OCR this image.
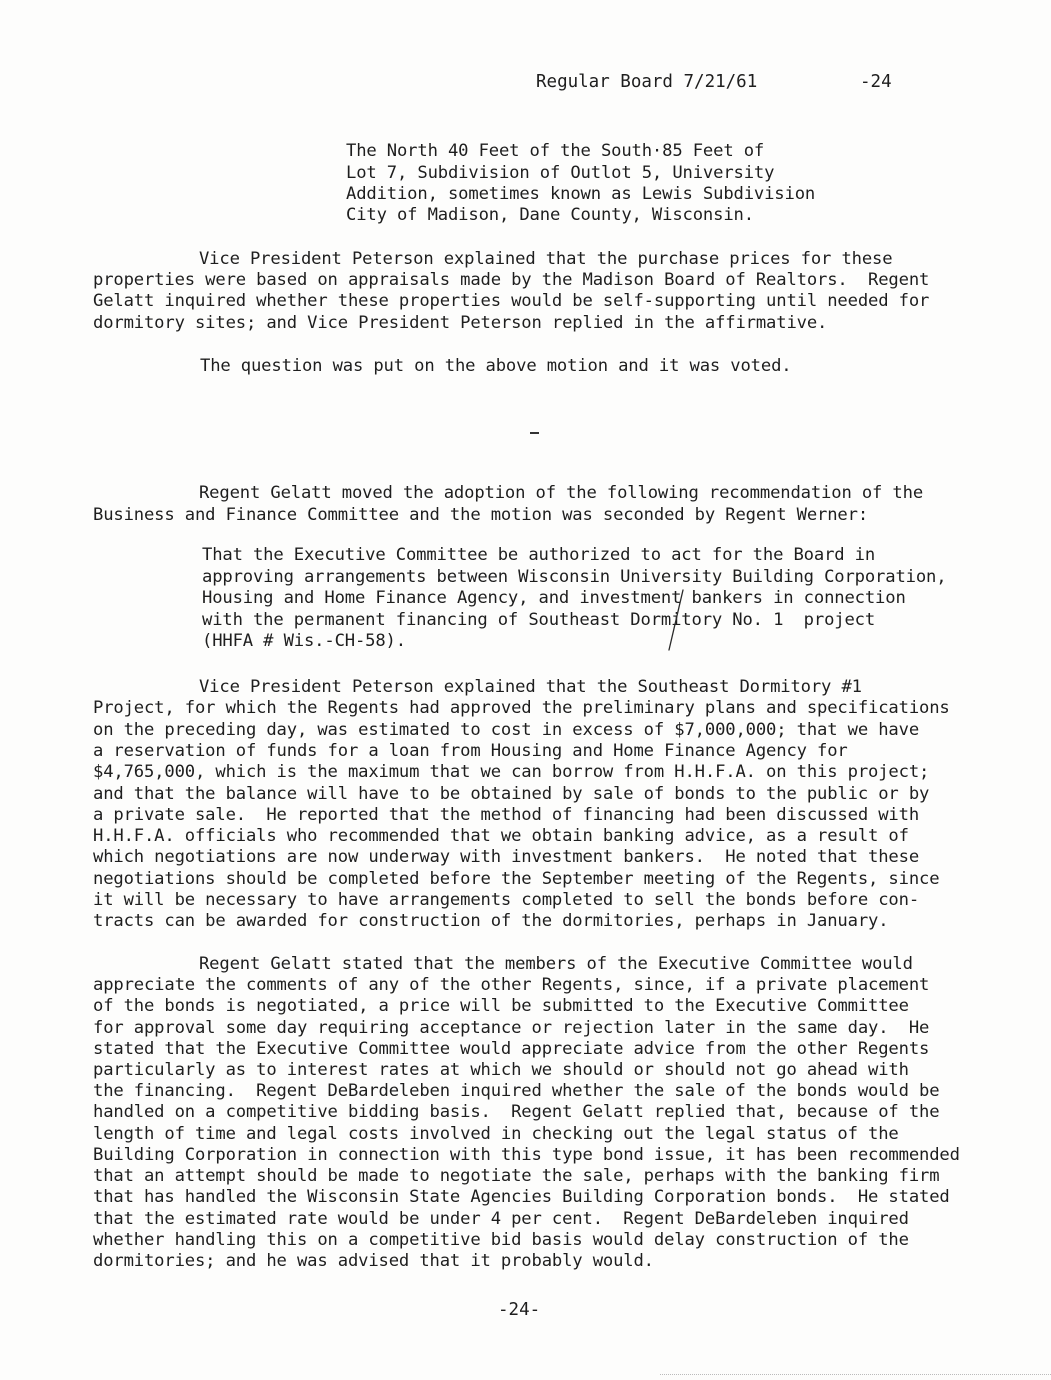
Regular Board 7/21/61	-24
The North 40 Feet of the South·85 Feet of
Lot 7, Subdivision of Outlot 5, University
Addition, sometimes known as Lewis Subdivision
City of Madison, Dane County, Wisconsin.
Vice President Peterson explained that the purchase prices for these
properties were based on appraisals made by the Madison Board of Realtors.  Regent
Gelatt inquired whether these properties would be self-supporting until needed for
dormitory sites; and Vice President Peterson replied in the affirmative.
The question was put on the above motion and it was voted.
Regent Gelatt moved the adoption of the following recommendation of the
Business and Finance Committee and the motion was seconded by Regent Werner:
That the Executive Committee be authorized to act for the Board in
approving arrangements between Wisconsin University Building Corporation,
Housing and Home Finance Agency, and investment bankers in connection
with the permanent financing of Southeast Dormitory No. 1  project
(HHFA # Wis.-CH-58).
Vice President Peterson explained that the Southeast Dormitory #1
Project, for which the Regents had approved the preliminary plans and specifications
on the preceding day, was estimated to cost in excess of $7,000,000; that we have
a reservation of funds for a loan from Housing and Home Finance Agency for
$4,765,000, which is the maximum that we can borrow from H.H.F.A. on this project;
and that the balance will have to be obtained by sale of bonds to the public or by
a private sale.  He reported that the method of financing had been discussed with
H.H.F.A. officials who recommended that we obtain banking advice, as a result of
which negotiations are now underway with investment bankers.  He noted that these
negotiations should be completed before the September meeting of the Regents, since
it will be necessary to have arrangements completed to sell the bonds before con-
tracts can be awarded for construction of the dormitories, perhaps in January.
Regent Gelatt stated that the members of the Executive Committee would
appreciate the comments of any of the other Regents, since, if a private placement
of the bonds is negotiated, a price will be submitted to the Executive Committee
for approval some day requiring acceptance or rejection later in the same day.  He
stated that the Executive Committee would appreciate advice from the other Regents
particularly as to interest rates at which we should or should not go ahead with
the financing.  Regent DeBardeleben inquired whether the sale of the bonds would be
handled on a competitive bidding basis.  Regent Gelatt replied that, because of the
length of time and legal costs involved in checking out the legal status of the
Building Corporation in connection with this type bond issue, it has been recommended
that an attempt should be made to negotiate the sale, perhaps with the banking firm
that has handled the Wisconsin State Agencies Building Corporation bonds.  He stated
that the estimated rate would be under 4 per cent.  Regent DeBardeleben inquired
whether handling this on a competitive bid basis would delay construction of the
dormitories; and he was advised that it probably would.
-24-
